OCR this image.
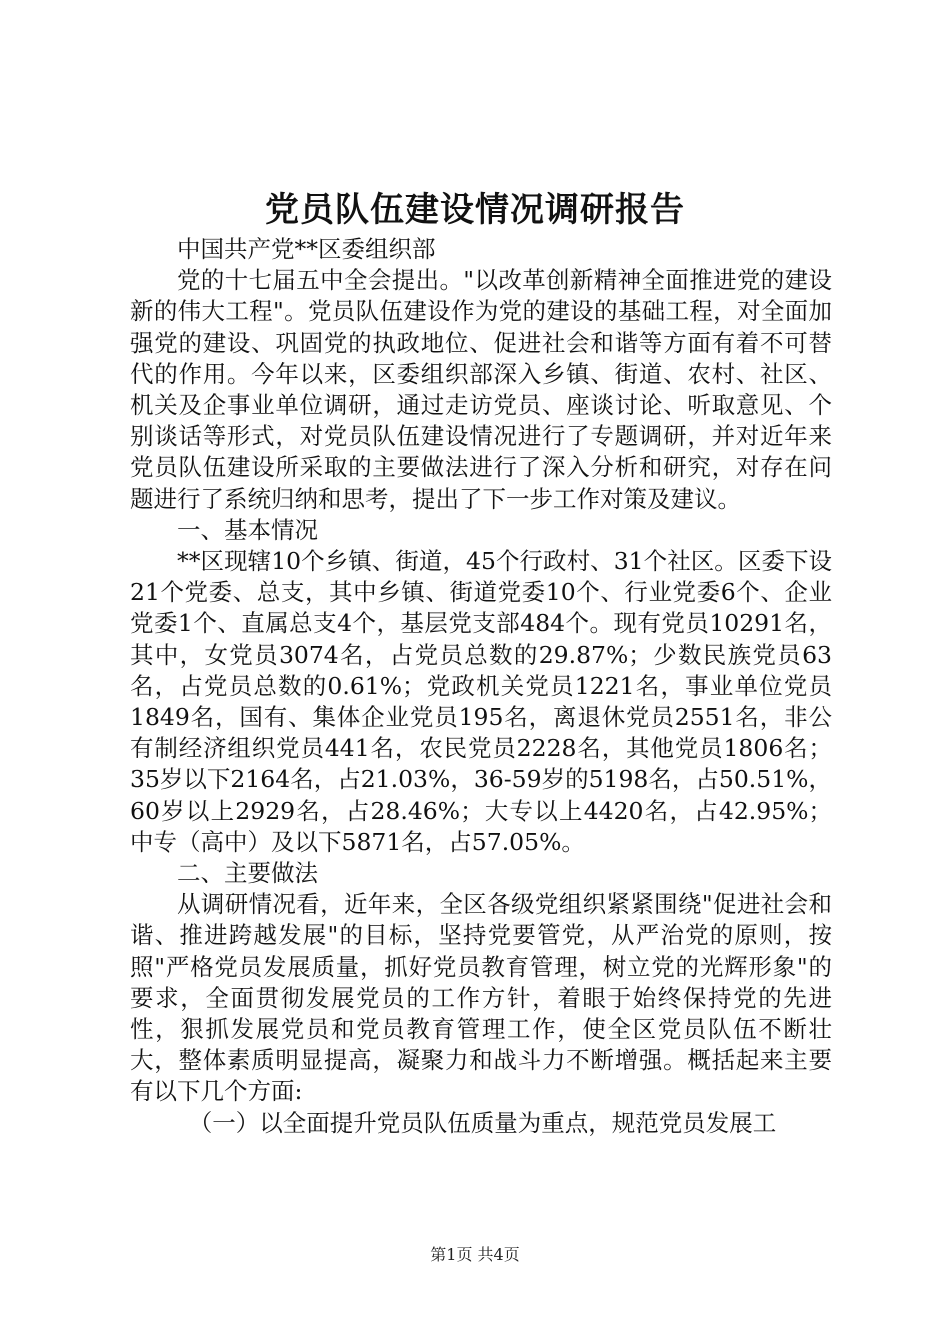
党员队伍建设情况调研报告

中国共产党**区委组织部

党的十七届五中全会提出。"以改革创新精神全面推进党的建设新的伟大工程"。党员队伍建设作为党的建设的基础工程，对全面加强党的建设、巩固党的执政地位、促进社会和谐等方面有着不可替代的作用。今年以来，区委组织部深入乡镇、街道、农村、社区、机关及企事业单位调研，通过走访党员、座谈讨论、听取意见、个别谈话等形式，对党员队伍建设情况进行了专题调研，并对近年来党员队伍建设所采取的主要做法进行了深入分析和研究，对存在问题进行了系统归纳和思考，提出了下一步工作对策及建议。

一、基本情况

**区现辖10个乡镇、街道，45个行政村、31个社区。区委下设21个党委、总支，其中乡镇、街道党委10个、行业党委6个、企业党委1个、直属总支4个，基层党支部484个。现有党员10291名，其中，女党员3074名，占党员总数的29.87%；少数民族党员63名，占党员总数的0.61%；党政机关党员1221名，事业单位党员1849名，国有、集体企业党员195名，离退休党员2551名，非公有制经济组织党员441名，农民党员2228名，其他党员1806名；35岁以下2164名，占21.03%，36-59岁的5198名，占50.51%，60岁以上2929名，占28.46%；大专以上4420名，占42.95%；中专（高中）及以下5871名，占57.05%。

二、主要做法

从调研情况看，近年来，全区各级党组织紧紧围绕"促进社会和谐、推进跨越发展"的目标，坚持党要管党，从严治党的原则，按照"严格党员发展质量，抓好党员教育管理，树立党的光辉形象"的要求，全面贯彻发展党员的工作方针，着眼于始终保持党的先进性，狠抓发展党员和党员教育管理工作，使全区党员队伍不断壮大，整体素质明显提高，凝聚力和战斗力不断增强。概括起来主要有以下几个方面:

（一）以全面提升党员队伍质量为重点，规范党员发展工

第1页 共4页
